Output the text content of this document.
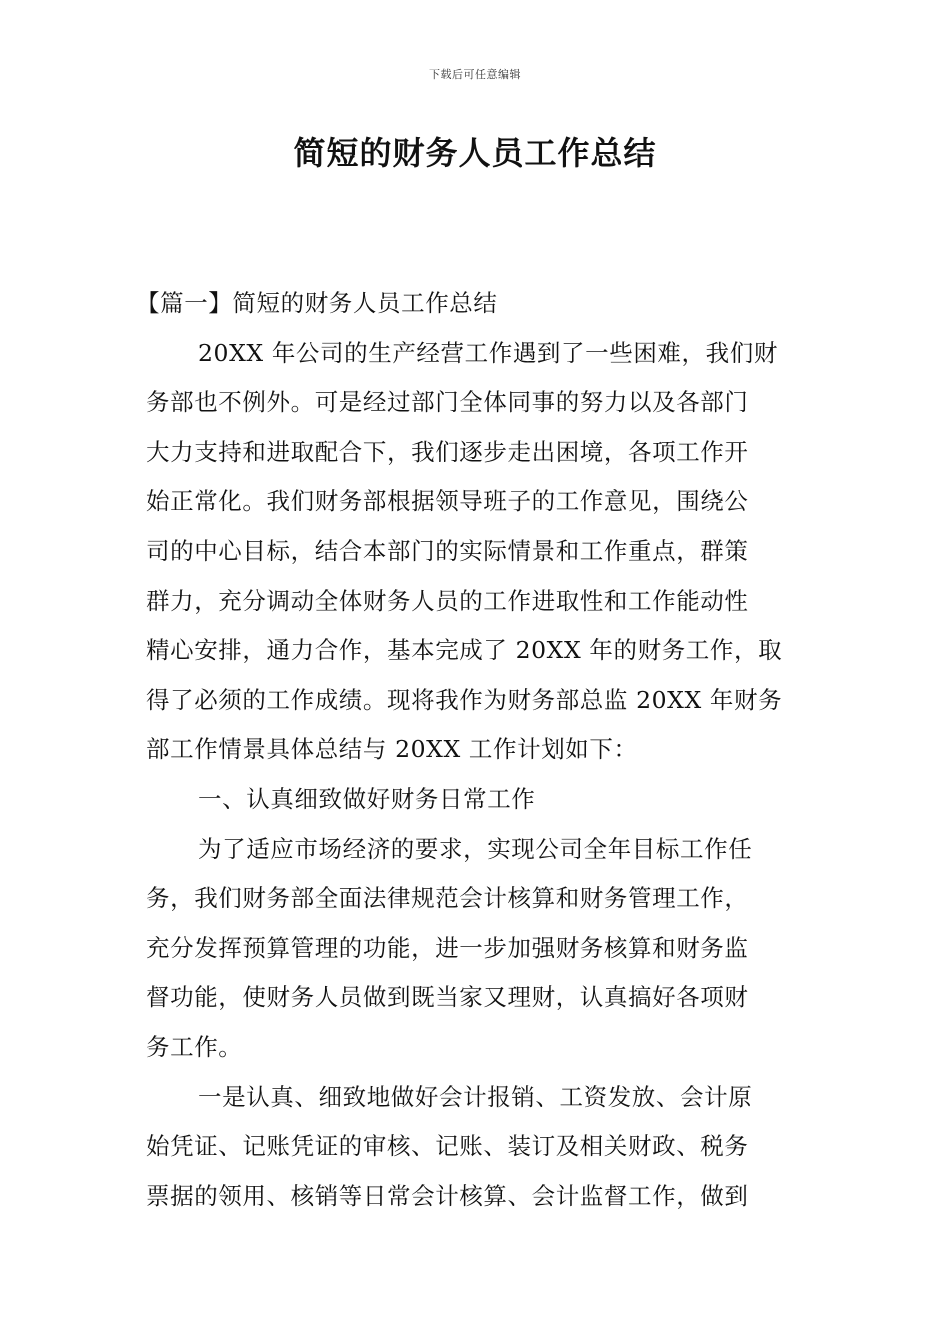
下载后可任意编辑
简短的财务人员工作总结
【篇一】简短的财务人员工作总结
20XX 年公司的生产经营工作遇到了一些困难，我们财
务部也不例外。可是经过部门全体同事的努力以及各部门
大力支持和进取配合下，我们逐步走出困境，各项工作开
始正常化。我们财务部根据领导班子的工作意见，围绕公
司的中心目标，结合本部门的实际情景和工作重点，群策
群力，充分调动全体财务人员的工作进取性和工作能动性
精心安排，通力合作，基本完成了 20XX 年的财务工作，取
得了必须的工作成绩。现将我作为财务部总监 20XX 年财务
部工作情景具体总结与 20XX 工作计划如下：
一、认真细致做好财务日常工作
为了适应市场经济的要求，实现公司全年目标工作任
务，我们财务部全面法律规范会计核算和财务管理工作，
充分发挥预算管理的功能，进一步加强财务核算和财务监
督功能，使财务人员做到既当家又理财，认真搞好各项财
务工作。
一是认真、细致地做好会计报销、工资发放、会计原
始凭证、记账凭证的审核、记账、装订及相关财政、税务
票据的领用、核销等日常会计核算、会计监督工作，做到
